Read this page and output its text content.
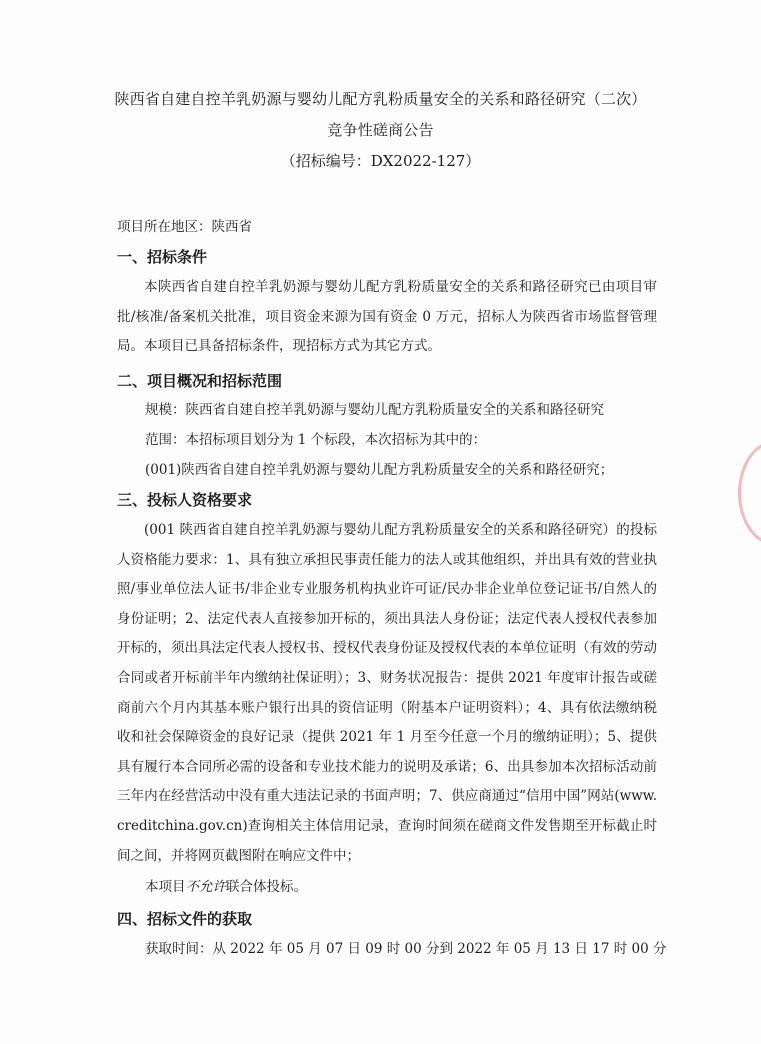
陕西省自建自控羊乳奶源与婴幼儿配方乳粉质量安全的关系和路径研究（二次）
竞争性磋商公告
（招标编号：DX2022-127）
项目所在地区：陕西省
一、招标条件
本陕西省自建自控羊乳奶源与婴幼儿配方乳粉质量安全的关系和路径研究已由项目审批/核准/备案机关批准，项目资金来源为国有资金 0 万元，招标人为陕西省市场监督管理局。本项目已具备招标条件，现招标方式为其它方式。
二、项目概况和招标范围
规模：陕西省自建自控羊乳奶源与婴幼儿配方乳粉质量安全的关系和路径研究
范围：本招标项目划分为 1 个标段，本次招标为其中的：
(001)陕西省自建自控羊乳奶源与婴幼儿配方乳粉质量安全的关系和路径研究；
三、投标人资格要求
(001 陕西省自建自控羊乳奶源与婴幼儿配方乳粉质量安全的关系和路径研究）的投标人资格能力要求：1、具有独立承担民事责任能力的法人或其他组织，并出具有效的营业执照/事业单位法人证书/非企业专业服务机构执业许可证/民办非企业单位登记证书/自然人的身份证明；2、法定代表人直接参加开标的，须出具法人身份证；法定代表人授权代表参加开标的，须出具法定代表人授权书、授权代表身份证及授权代表的本单位证明（有效的劳动合同或者开标前半年内缴纳社保证明）；3、财务状况报告：提供 2021 年度审计报告或磋商前六个月内其基本账户银行出具的资信证明（附基本户证明资料）；4、具有依法缴纳税收和社会保障资金的良好记录（提供 2021 年 1 月至今任意一个月的缴纳证明）；5、提供具有履行本合同所必需的设备和专业技术能力的说明及承诺；6、出具参加本次招标活动前三年内在经营活动中没有重大违法记录的书面声明；7、供应商通过“信用中国”网站(www.creditchina.gov.cn)查询相关主体信用记录，查询时间须在磋商文件发售期至开标截止时间之间，并将网页截图附在响应文件中；
本项目不允许联合体投标。
四、招标文件的获取
获取时间：从 2022 年 05 月 07 日 09 时 00 分到 2022 年 05 月 13 日 17 时 00 分
